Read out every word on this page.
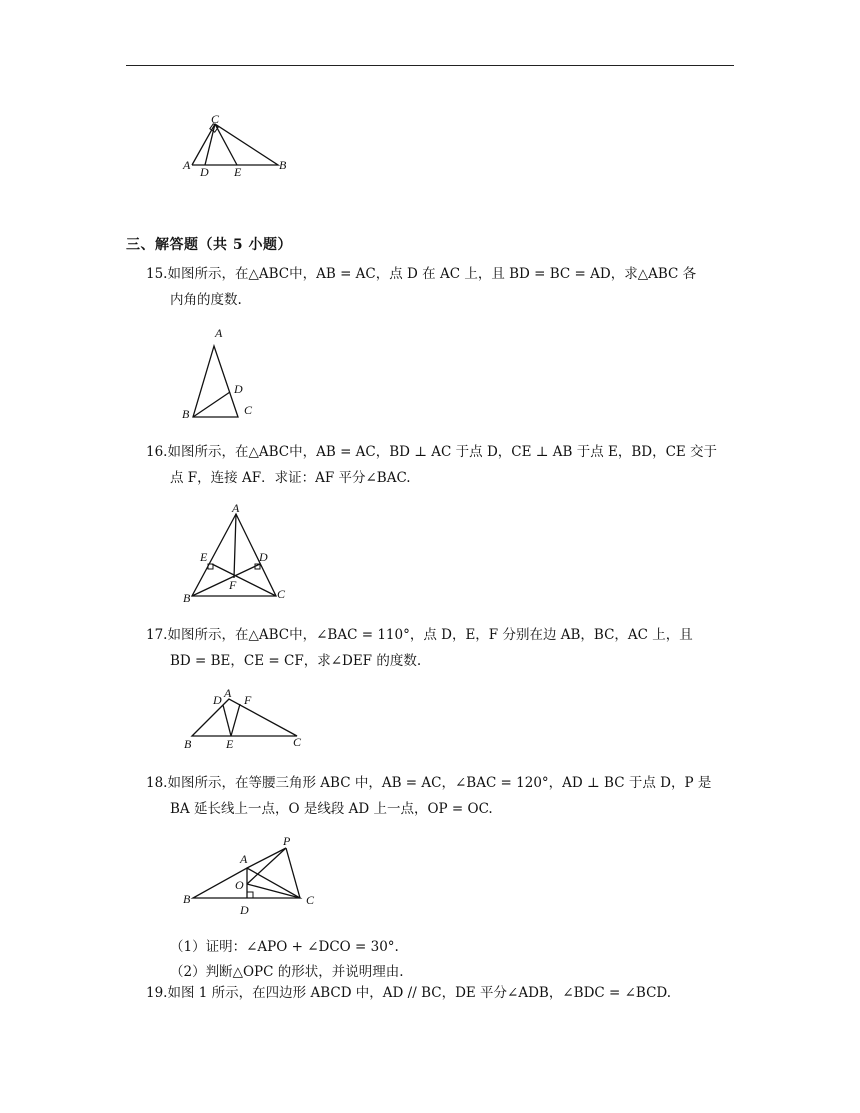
C
A D E	B
三、解答题（共 5 小题）
15.如图所示，在△ABC中，AB = AC，点 D 在 AC 上，且 BD = BC = AD，求△ABC 各
内角的度数.
A
D
B	C
16.如图所示，在△ABC中，AB = AC，BD ⊥ AC 于点 D，CE ⊥ AB 于点 E，BD，CE 交于
点 F，连接 AF．求证：AF 平分∠BAC.
A
E	D
F
B	C
17.如图所示，在△ABC中，∠BAC = 110°，点 D，E，F 分别在边 AB，BC，AC 上，且
BD = BE，CE = CF，求∠DEF 的度数.
D A F
B	E	C
18.如图所示，在等腰三角形 ABC 中，AB = AC，∠BAC = 120°，AD ⊥ BC 于点 D，P 是
BA 延长线上一点，O 是线段 AD 上一点，OP = OC.
P
A
O
B
D
C
（1）证明：∠APO + ∠DCO = 30°.
（2）判断△OPC 的形状，并说明理由.
19.如图 1 所示，在四边形 ABCD 中，AD // BC，DE 平分∠ADB，∠BDC = ∠BCD.
